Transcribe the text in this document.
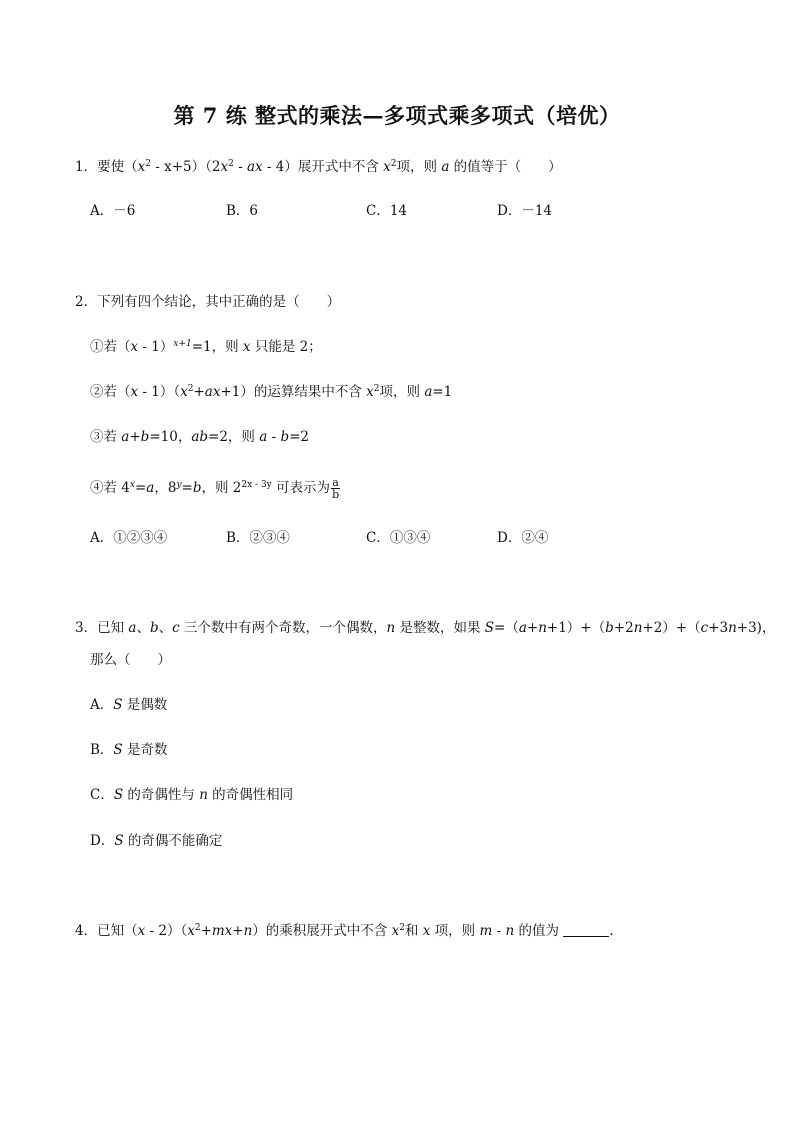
第 7 练 整式的乘法—多项式乘多项式（培优）
1．要使$(x^2 - x+5)(2x^2$ - ax - 4）展开式中不含 $x^2$项，则 a 的值等于（　　）
A．－6	B．6	C．14	D．－14
2．下列有四个结论，其中正确的是（　　）
①若（x - 1）$^{x+1}$=1，则 x 只能是 2；
②若$(x - 1)(x^2+ax+1)$的运算结果中不含 $x^2$项，则 a=1
③若 a+b=10，ab=2，则 a - b=2
④若 $4^x=a$，$8^y=b$，则 $2^{2x - 3y}$ 可表示为 $\frac{a}{b}$
A．①②③④	B．②③④	C．①③④	D．②④
3．已知 a、b、c 三个数中有两个奇数，一个偶数，n 是整数，如果 S=（a+n+1）+（b+2n+2）+（c+3n+3)，
那么（　　）
A．S 是偶数
B．S 是奇数
C．S 的奇偶性与 n 的奇偶性相同
D．S 的奇偶不能确定
4．已知$(x - 2)(x^2+mx+n)$的乘积展开式中不含 $x^2$和 x 项，则 m - n 的值为	.
